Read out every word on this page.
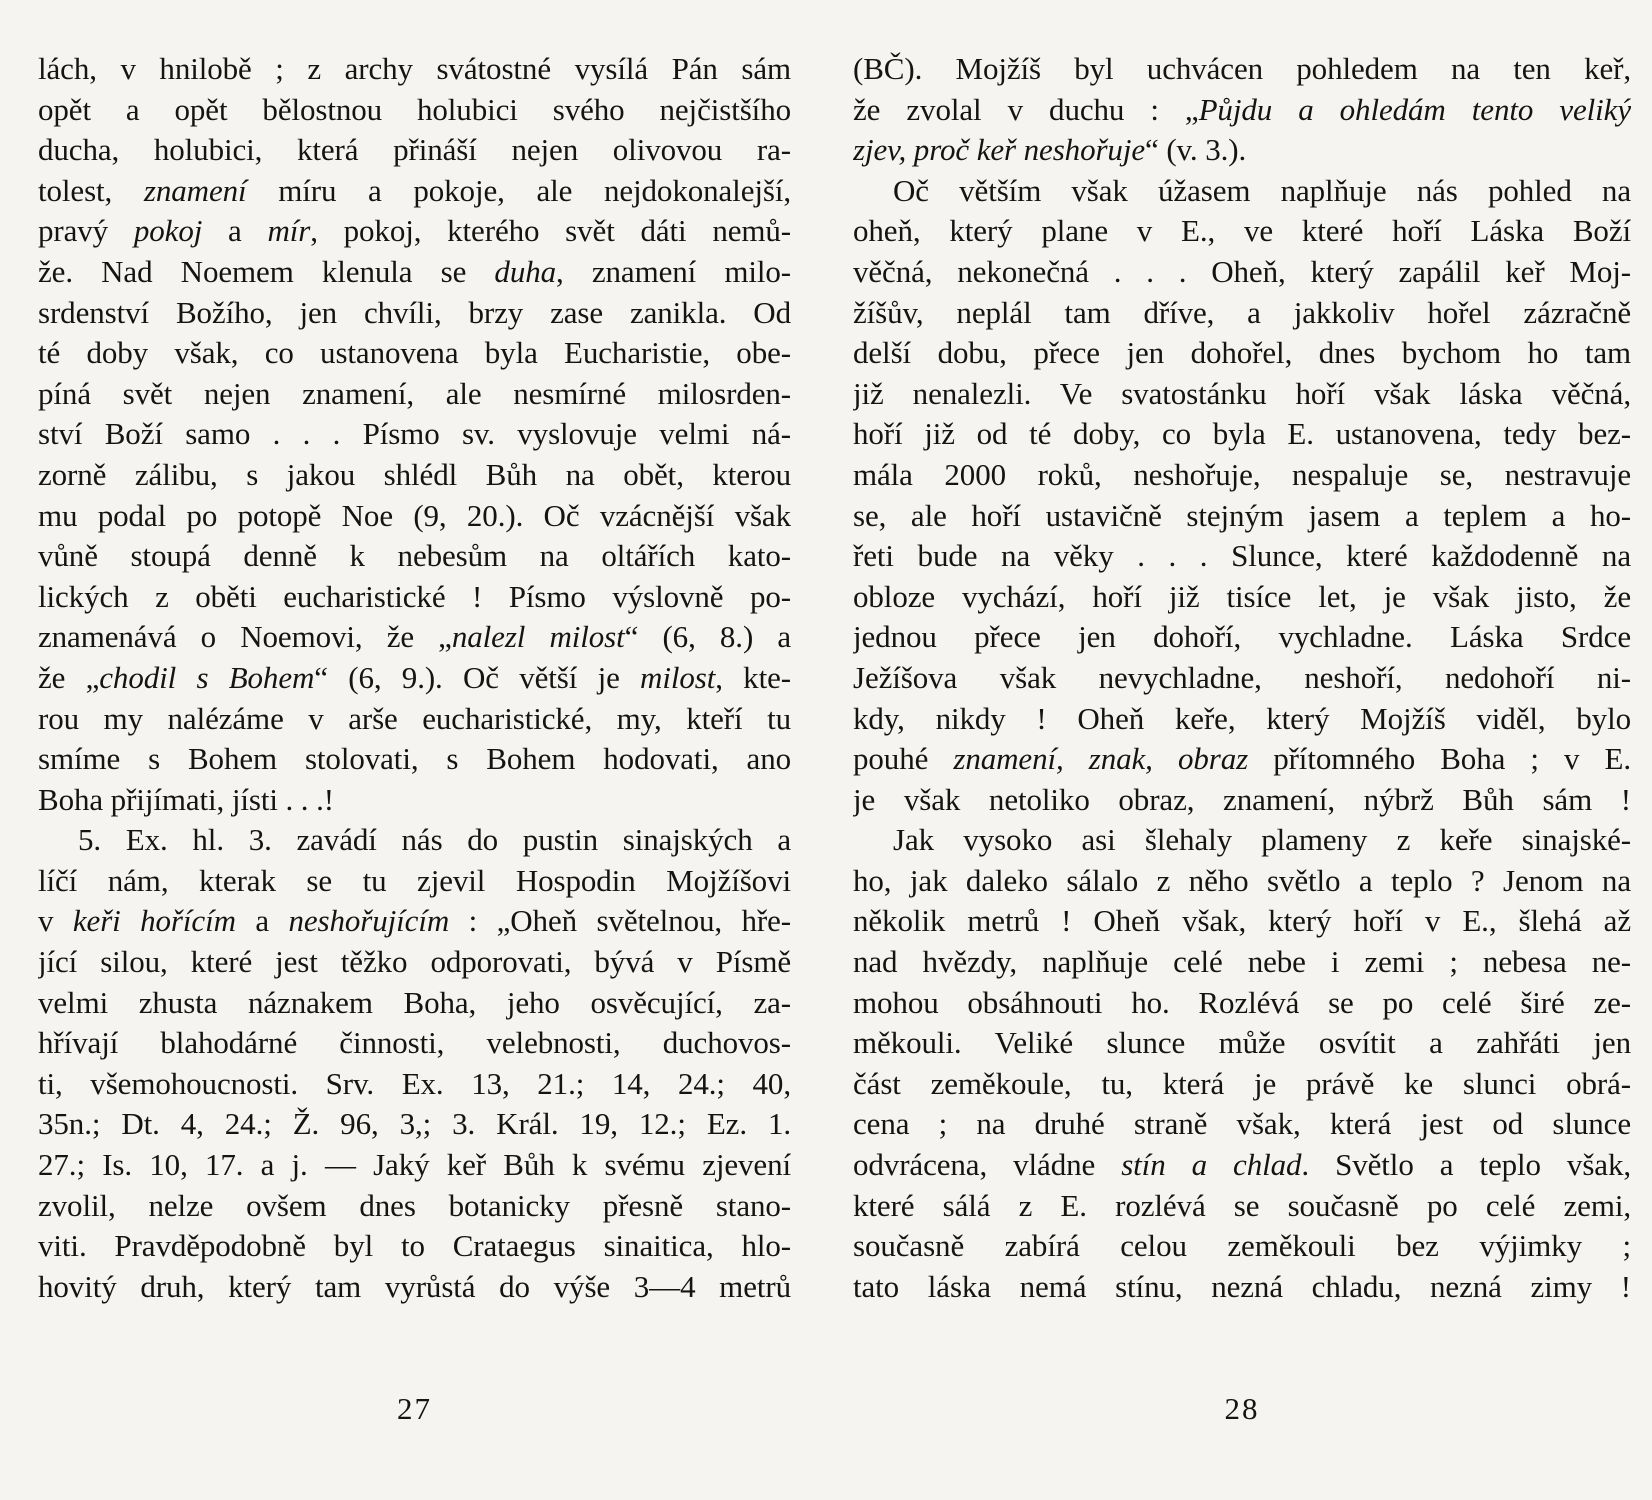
lách, v hnilobě ; z archy svátostné vysílá Pán sám
opět a opět bělostnou holubici svého nejčistšího
ducha, holubici, která přináší nejen olivovou ra-
tolest, znamení míru a pokoje, ale nejdokonalejší,
pravý pokoj a mír, pokoj, kterého svět dáti nemů-
že. Nad Noemem klenula se duha, znamení milo-
srdenství Božího, jen chvíli, brzy zase zanikla. Od
té doby však, co ustanovena byla Eucharistie, obe-
píná svět nejen znamení, ale nesmírné milosrden-
ství Boží samo . . . Písmo sv. vyslovuje velmi ná-
zorně zálibu, s jakou shlédl Bůh na obět, kterou
mu podal po potopě Noe (9, 20.). Oč vzácnější však
vůně stoupá denně k nebesům na oltářích kato-
lických z oběti eucharistické ! Písmo výslovně po-
znamenává o Noemovi, že „nalezl milost“ (6, 8.) a
že „chodil s Bohem“ (6, 9.). Oč větší je milost, kte-
rou my nalézáme v arše eucharistické, my, kteří tu
smíme s Bohem stolovati, s Bohem hodovati, ano
Boha přijímati, jísti . . .!
5. Ex. hl. 3. zavádí nás do pustin sinajských a
líčí nám, kterak se tu zjevil Hospodin Mojžíšovi
v keři hořícím a neshořujícím : „Oheň světelnou, hře-
jící silou, které jest těžko odporovati, bývá v Písmě
velmi zhusta náznakem Boha, jeho osvěcující, za-
hřívají blahodárné činnosti, velebnosti, duchovos-
ti, všemohoucnosti. Srv. Ex. 13, 21.; 14, 24.; 40,
35n.; Dt. 4, 24.; Ž. 96, 3,; 3. Král. 19, 12.; Ez. 1.
27.; Is. 10, 17. a j. — Jaký keř Bůh k svému zjevení
zvolil, nelze ovšem dnes botanicky přesně stano-
viti. Pravděpodobně byl to Crataegus sinaitica, hlo-
hovitý druh, který tam vyrůstá do výše 3—4 metrů
27
(BČ). Mojžíš byl uchvácen pohledem na ten keř,
že zvolal v duchu : „Půjdu a ohledám tento veliký
zjev, proč keř neshořuje“ (v. 3.).
Oč větším však úžasem naplňuje nás pohled na
oheň, který plane v E., ve které hoří Láska Boží
věčná, nekonečná . . . Oheň, který zapálil keř Moj-
žíšův, neplál tam dříve, a jakkoliv hořel zázračně
delší dobu, přece jen dohořel, dnes bychom ho tam
již nenalezli. Ve svatostánku hoří však láska věčná,
hoří již od té doby, co byla E. ustanovena, tedy bez-
mála 2000 roků, neshořuje, nespaluje se, nestravuje
se, ale hoří ustavičně stejným jasem a teplem a ho-
řeti bude na věky . . . Slunce, které každodenně na
obloze vychází, hoří již tisíce let, je však jisto, že
jednou přece jen dohoří, vychladne. Láska Srdce
Ježíšova však nevychladne, neshoří, nedohoří ni-
kdy, nikdy ! Oheň keře, který Mojžíš viděl, bylo
pouhé znamení, znak, obraz přítomného Boha ; v E.
je však netoliko obraz, znamení, nýbrž Bůh sám !
Jak vysoko asi šlehaly plameny z keře sinajské-
ho, jak daleko sálalo z něho světlo a teplo ? Jenom na
několik metrů ! Oheň však, který hoří v E., šlehá až
nad hvězdy, naplňuje celé nebe i zemi ; nebesa ne-
mohou obsáhnouti ho. Rozlévá se po celé širé ze-
měkouli. Veliké slunce může osvítit a zahřáti jen
část zeměkoule, tu, která je právě ke slunci obrá-
cena ; na druhé straně však, která jest od slunce
odvrácena, vládne stín a chlad. Světlo a teplo však,
které sálá z E. rozlévá se současně po celé zemi,
současně zabírá celou zeměkouli bez výjimky ;
tato láska nemá stínu, nezná chladu, nezná zimy !
28
